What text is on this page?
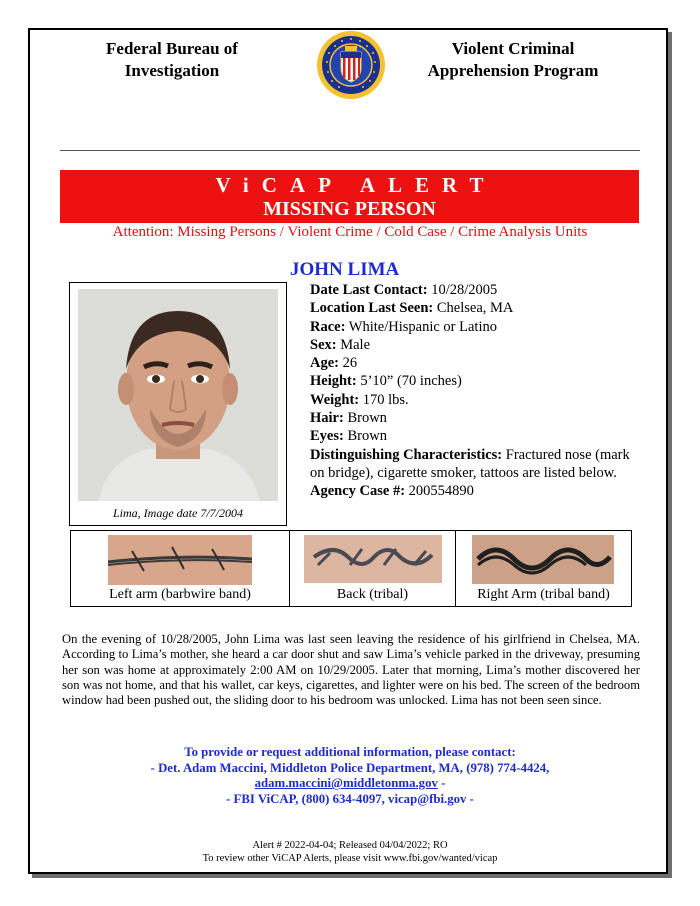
Federal Bureau of
Investigation
Violent Criminal
Apprehension Program
ViCAP ALERT
MISSING PERSON
Attention: Missing Persons / Violent Crime / Cold Case / Crime Analysis Units
JOHN LIMA
Lima, Image date 7/7/2004
Date Last Contact: 10/28/2005
Location Last Seen: Chelsea, MA
Race: White/Hispanic or Latino
Sex: Male
Age: 26
Height: 5’10” (70 inches)
Weight: 170 lbs.
Hair: Brown
Eyes: Brown
Distinguishing Characteristics: Fractured nose (mark on bridge), cigarette smoker, tattoos are listed below.
Agency Case #: 200554890
Left arm (barbwire band)	Back (tribal)	Right Arm (tribal band)
On the evening of 10/28/2005, John Lima was last seen leaving the residence of his girlfriend in Chelsea, MA. According to Lima’s mother, she heard a car door shut and saw Lima’s vehicle parked in the driveway, presuming her son was home at approximately 2:00 AM on 10/29/2005. Later that morning, Lima’s mother discovered her son was not home, and that his wallet, car keys, cigarettes, and lighter were on his bed. The screen of the bedroom window had been pushed out, the sliding door to his bedroom was unlocked. Lima has not been seen since.
To provide or request additional information, please contact:
- Det. Adam Maccini, Middleton Police Department, MA, (978) 774-4424,
adam.maccini@middletonma.gov -
- FBI ViCAP, (800) 634-4097, vicap@fbi.gov -
Alert # 2022-04-04; Released 04/04/2022; RO
To review other ViCAP Alerts, please visit www.fbi.gov/wanted/vicap
